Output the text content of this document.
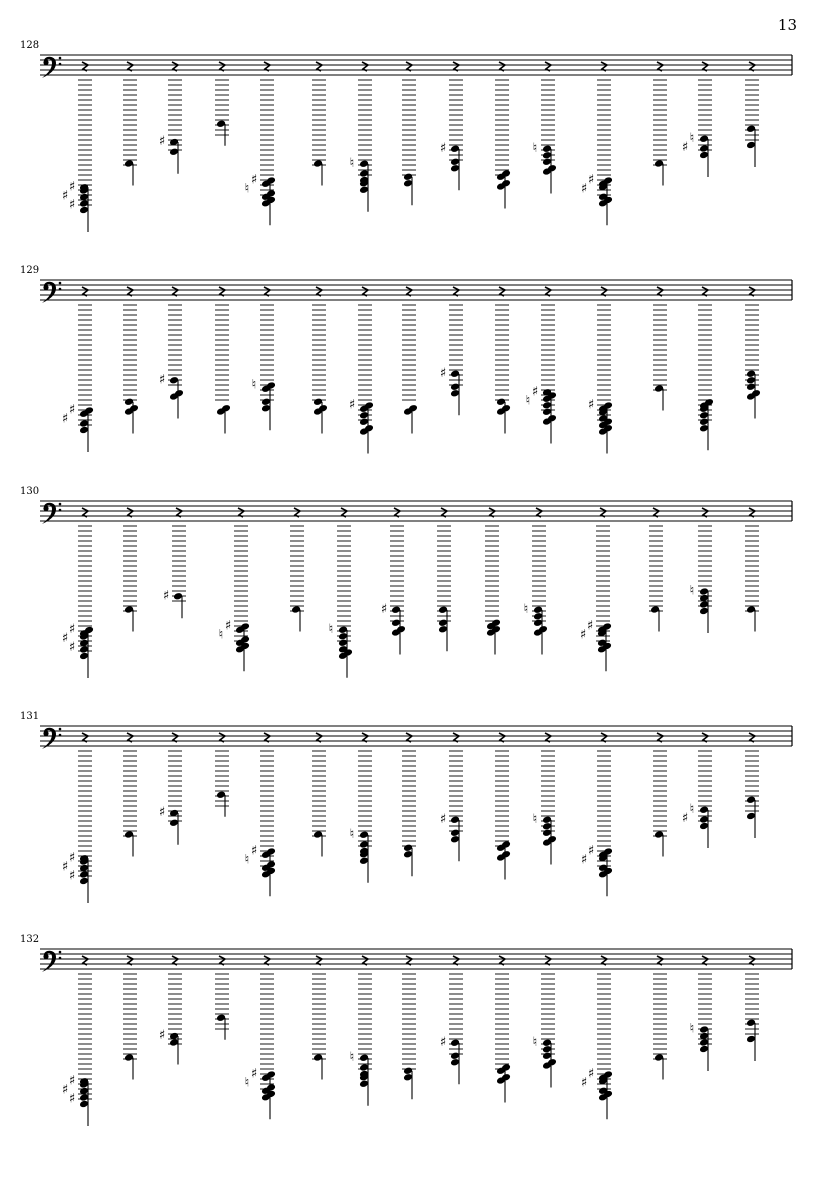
13
128
♯
♯
♯
♯
♯
♮
♮
♯	♮
♯
♯
♮
♯
129
♯
♯
♯	♮
♯
♯
♯
♮	♯
130
♯
♯
♯
♯
♯
♮	♮
♯	♮
♯
♯
♮
131
♯
♯
♯
♯
♯
♮
♮
♯	♮
♯
♯
♮
♯
132
♯
♯
♯
♯
♯
♮
♮
♯	♮
♯
♯
♮
